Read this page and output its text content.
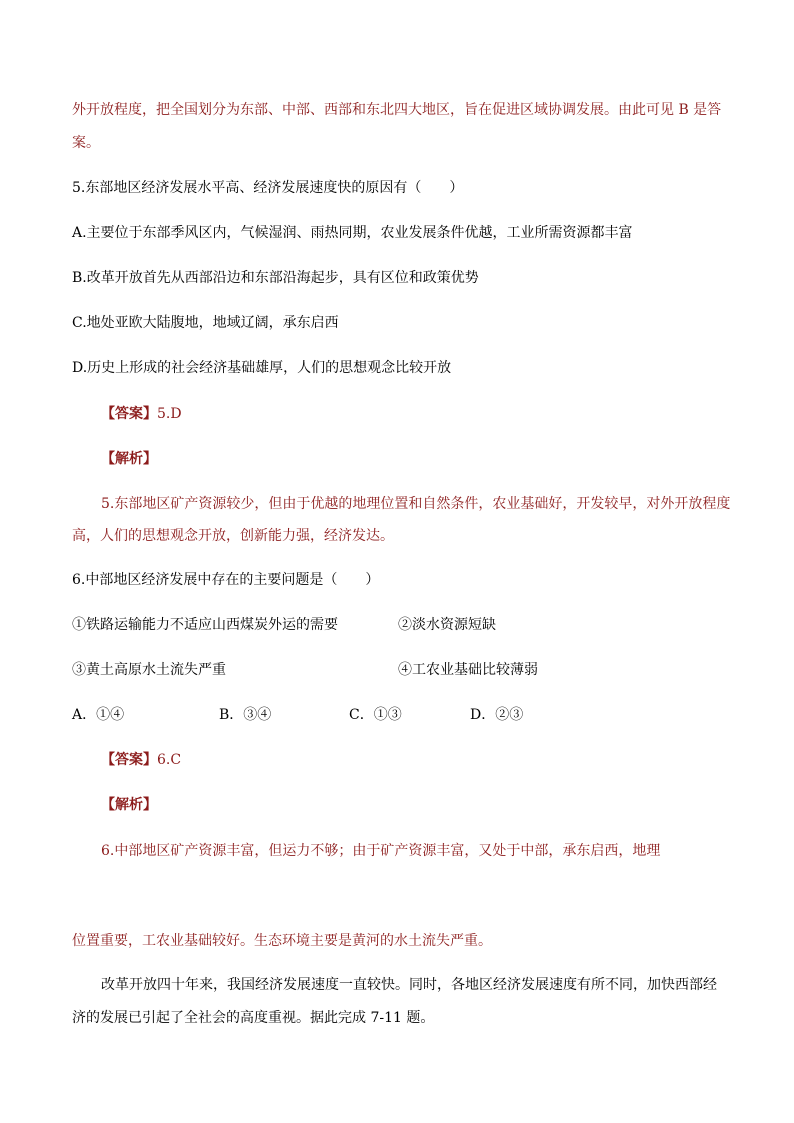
外开放程度，把全国划分为东部、中部、西部和东北四大地区，旨在促进区域协调发展。由此可见 B 是答
案。
5.东部地区经济发展水平高、经济发展速度快的原因有（　　）
A.主要位于东部季风区内，气候湿润、雨热同期，农业发展条件优越，工业所需资源都丰富
B.改革开放首先从西部沿边和东部沿海起步，具有区位和政策优势
C.地处亚欧大陆腹地，地域辽阔，承东启西
D.历史上形成的社会经济基础雄厚，人们的思想观念比较开放
【答案】5.D
【解析】
5.东部地区矿产资源较少，但由于优越的地理位置和自然条件，农业基础好，开发较早，对外开放程度
高，人们的思想观念开放，创新能力强，经济发达。
6.中部地区经济发展中存在的主要问题是（　　）
①铁路运输能力不适应山西煤炭外运的需要	②淡水资源短缺
③黄土高原水土流失严重	④工农业基础比较薄弱
A．①④	B．③④	C．①③	D．②③
【答案】6.C
【解析】
6.中部地区矿产资源丰富，但运力不够；由于矿产资源丰富，又处于中部，承东启西，地理
位置重要，工农业基础较好。生态环境主要是黄河的水土流失严重。
改革开放四十年来，我国经济发展速度一直较快。同时，各地区经济发展速度有所不同，加快西部经
济的发展已引起了全社会的高度重视。据此完成 7-11 题。
